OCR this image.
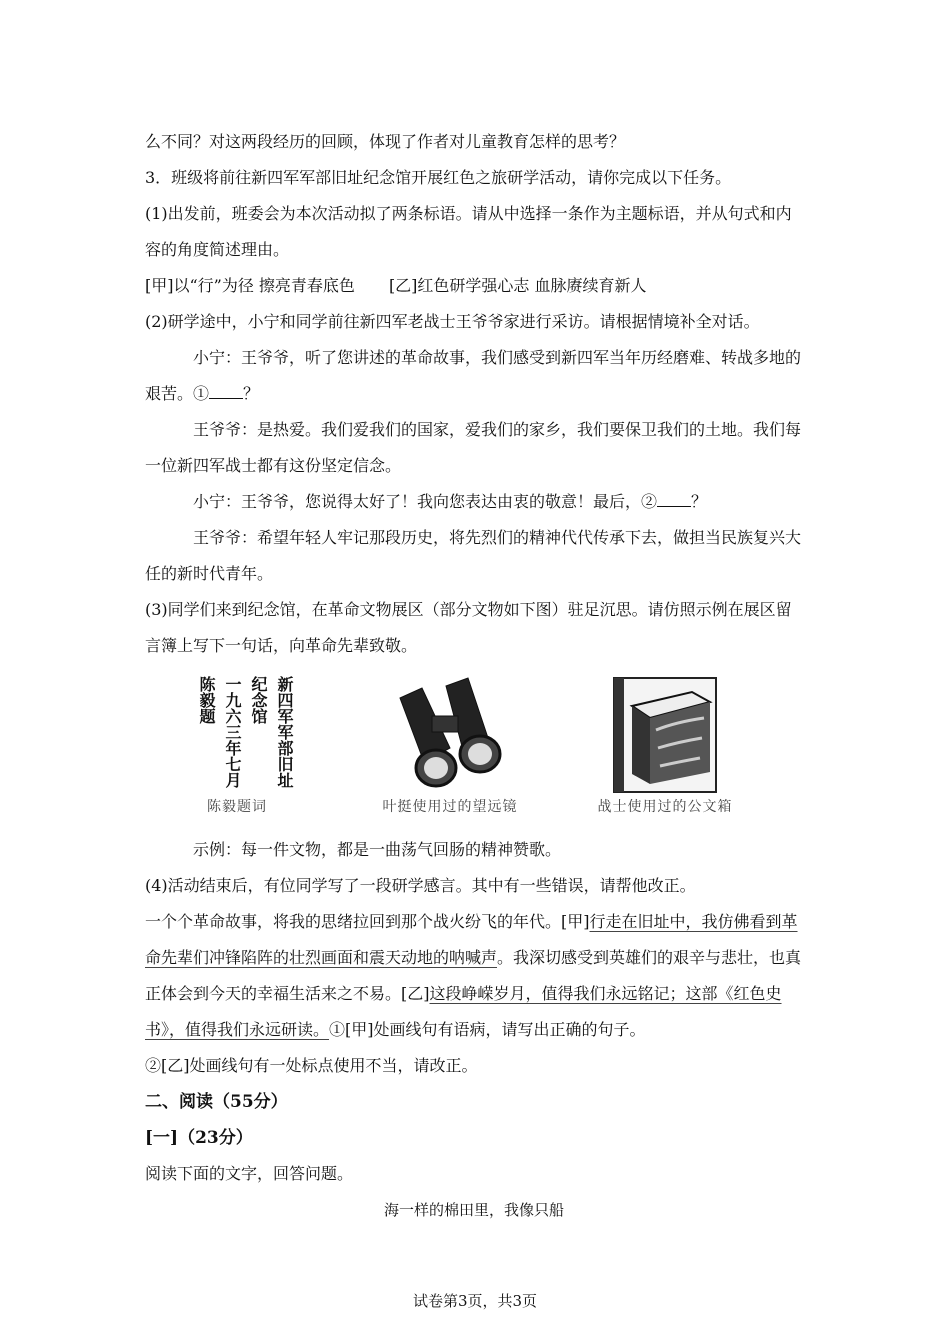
么不同？对这两段经历的回顾，体现了作者对儿童教育怎样的思考？

3．班级将前往新四军军部旧址纪念馆开展红色之旅研学活动，请你完成以下任务。

(1)出发前，班委会为本次活动拟了两条标语。请从中选择一条作为主题标语，并从句式和内容的角度简述理由。

[甲]以“行”为径 擦亮青春底色 [乙]红色研学强心志 血脉赓续育新人

(2)研学途中，小宁和同学前往新四军老战士王爷爷家进行采访。请根据情境补全对话。

小宁：王爷爷，听了您讲述的革命故事，我们感受到新四军当年历经磨难、转战多地的艰苦。① ？

王爷爷：是热爱。我们爱我们的国家，爱我们的家乡，我们要保卫我们的土地。我们每一位新四军战士都有这份坚定信念。

小宁：王爷爷，您说得太好了！我向您表达由衷的敬意！最后，② ？

王爷爷：希望年轻人牢记那段历史，将先烈们的精神代代传承下去，做担当民族复兴大任的新时代青年。

(3)同学们来到纪念馆，在革命文物展区（部分文物如下图）驻足沉思。请仿照示例在展区留言簿上写下一句话，向革命先辈致敬。

新四军军部旧址纪念馆
一九六三年七月
陈毅题
陈毅题词	叶挺使用过的望远镜	战士使用过的公文箱

示例：每一件文物，都是一曲荡气回肠的精神赞歌。

(4)活动结束后，有位同学写了一段研学感言。其中有一些错误，请帮他改正。

一个个革命故事，将我的思绪拉回到那个战火纷飞的年代。[甲]行走在旧址中，我仿佛看到革命先辈们冲锋陷阵的壮烈画面和震天动地的呐喊声。我深切感受到英雄们的艰辛与悲壮，也真正体会到今天的幸福生活来之不易。[乙]这段峥嵘岁月，值得我们永远铭记；这部《红色史书》，值得我们永远研读。①[甲]处画线句有语病，请写出正确的句子。

②[乙]处画线句有一处标点使用不当，请改正。

二、阅读（55分）
[一]（23分）

阅读下面的文字，回答问题。

海一样的棉田里，我像只船

试卷第3页，共3页
